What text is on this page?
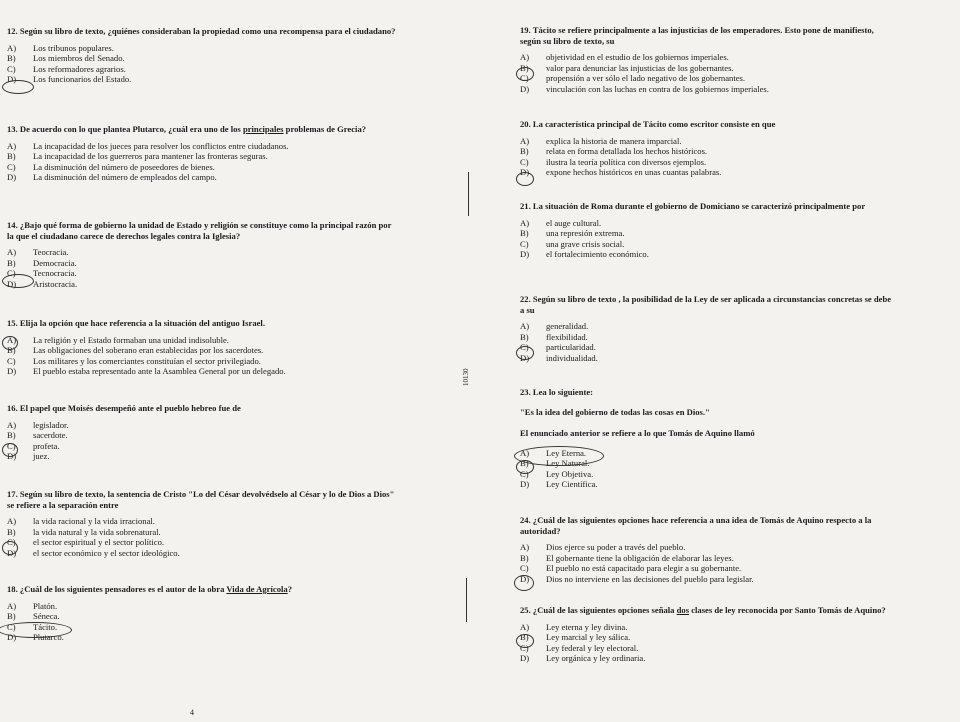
12. Según su libro de texto, ¿quiénes consideraban la propiedad como una recompensa para el ciudadano?
A)	Los tribunos populares.
B)	Los miembros del Senado.
C)	Los reformadores agrarios.
D)	Los funcionarios del Estado.
13. De acuerdo con lo que plantea Plutarco, ¿cuál era uno de los principales problemas de Grecia?
A)	La incapacidad de los jueces para resolver los conflictos entre ciudadanos.
B)	La incapacidad de los guerreros para mantener las fronteras seguras.
C)	La disminución del número de poseedores de bienes.
D)	La disminución del número de empleados del campo.
14. ¿Bajo qué forma de gobierno la unidad de Estado y religión se constituye como la principal razón por la que el ciudadano carece de derechos legales contra la Iglesia?
A)	Teocracia.
B)	Democracia.
C)	Tecnocracia.
D)	Aristocracia.
15. Elija la opción que hace referencia a la situación del antiguo Israel.
A)	La religión y el Estado formaban una unidad indisoluble.
B)	Las obligaciones del soberano eran establecidas por los sacerdotes.
C)	Los militares y los comerciantes constituían el sector privilegiado.
D)	El pueblo estaba representado ante la Asamblea General por un delegado.
16. El papel que Moisés desempeñó ante el pueblo hebreo fue de
A)	legislador.
B)	sacerdote.
C)	profeta.
D)	juez.
17. Según su libro de texto, la sentencia de Cristo "Lo del César devolvédselo al César y lo de Dios a Dios" se refiere a la separación entre
A)	la vida racional y la vida irracional.
B)	la vida natural y la vida sobrenatural.
C)	el sector espiritual y el sector político.
D)	el sector económico y el sector ideológico.
18. ¿Cuál de los siguientes pensadores es el autor de la obra Vida de Agrícola?
A)	Platón.
B)	Séneca.
C)	Tácito.
D)	Plutarco.
4
10130
19. Tácito se refiere principalmente a las injusticias de los emperadores. Esto pone de manifiesto, según su libro de texto, su
A)	objetividad en el estudio de los gobiernos imperiales.
B)	valor para denunciar las injusticias de los gobernantes.
C)	propensión a ver sólo el lado negativo de los gobernantes.
D)	vinculación con las luchas en contra de los gobiernos imperiales.
20. La característica principal de Tácito como escritor consiste en que
A)	explica la historia de manera imparcial.
B)	relata en forma detallada los hechos históricos.
C)	ilustra la teoría política con diversos ejemplos.
D)	expone hechos históricos en unas cuantas palabras.
21. La situación de Roma durante el gobierno de Domiciano se caracterizó principalmente por
A)	el auge cultural.
B)	una represión extrema.
C)	una grave crisis social.
D)	el fortalecimiento económico.
22. Según su libro de texto , la posibilidad de la Ley de ser aplicada a circunstancias concretas se debe a su
A)	generalidad.
B)	flexibilidad.
C)	particularidad.
D)	individualidad.
23. Lea lo siguiente:
"Es la idea del gobierno de todas las cosas en Dios."
El enunciado anterior se refiere a lo que Tomás de Aquino llamó
A)	Ley Eterna.
B)	Ley Natural.
C)	Ley Objetiva.
D)	Ley Científica.
24. ¿Cuál de las siguientes opciones hace referencia a una idea de Tomás de Aquino respecto a la autoridad?
A)	Dios ejerce su poder a través del pueblo.
B)	El gobernante tiene la obligación de elaborar las leyes.
C)	El pueblo no está capacitado para elegir a su gobernante.
D)	Dios no interviene en las decisiones del pueblo para legislar.
25. ¿Cuál de las siguientes opciones señala dos clases de ley reconocida por Santo Tomás de Aquino?
A)	Ley eterna y ley divina.
B)	Ley marcial y ley sálica.
C)	Ley federal y ley electoral.
D)	Ley orgánica y ley ordinaria.
